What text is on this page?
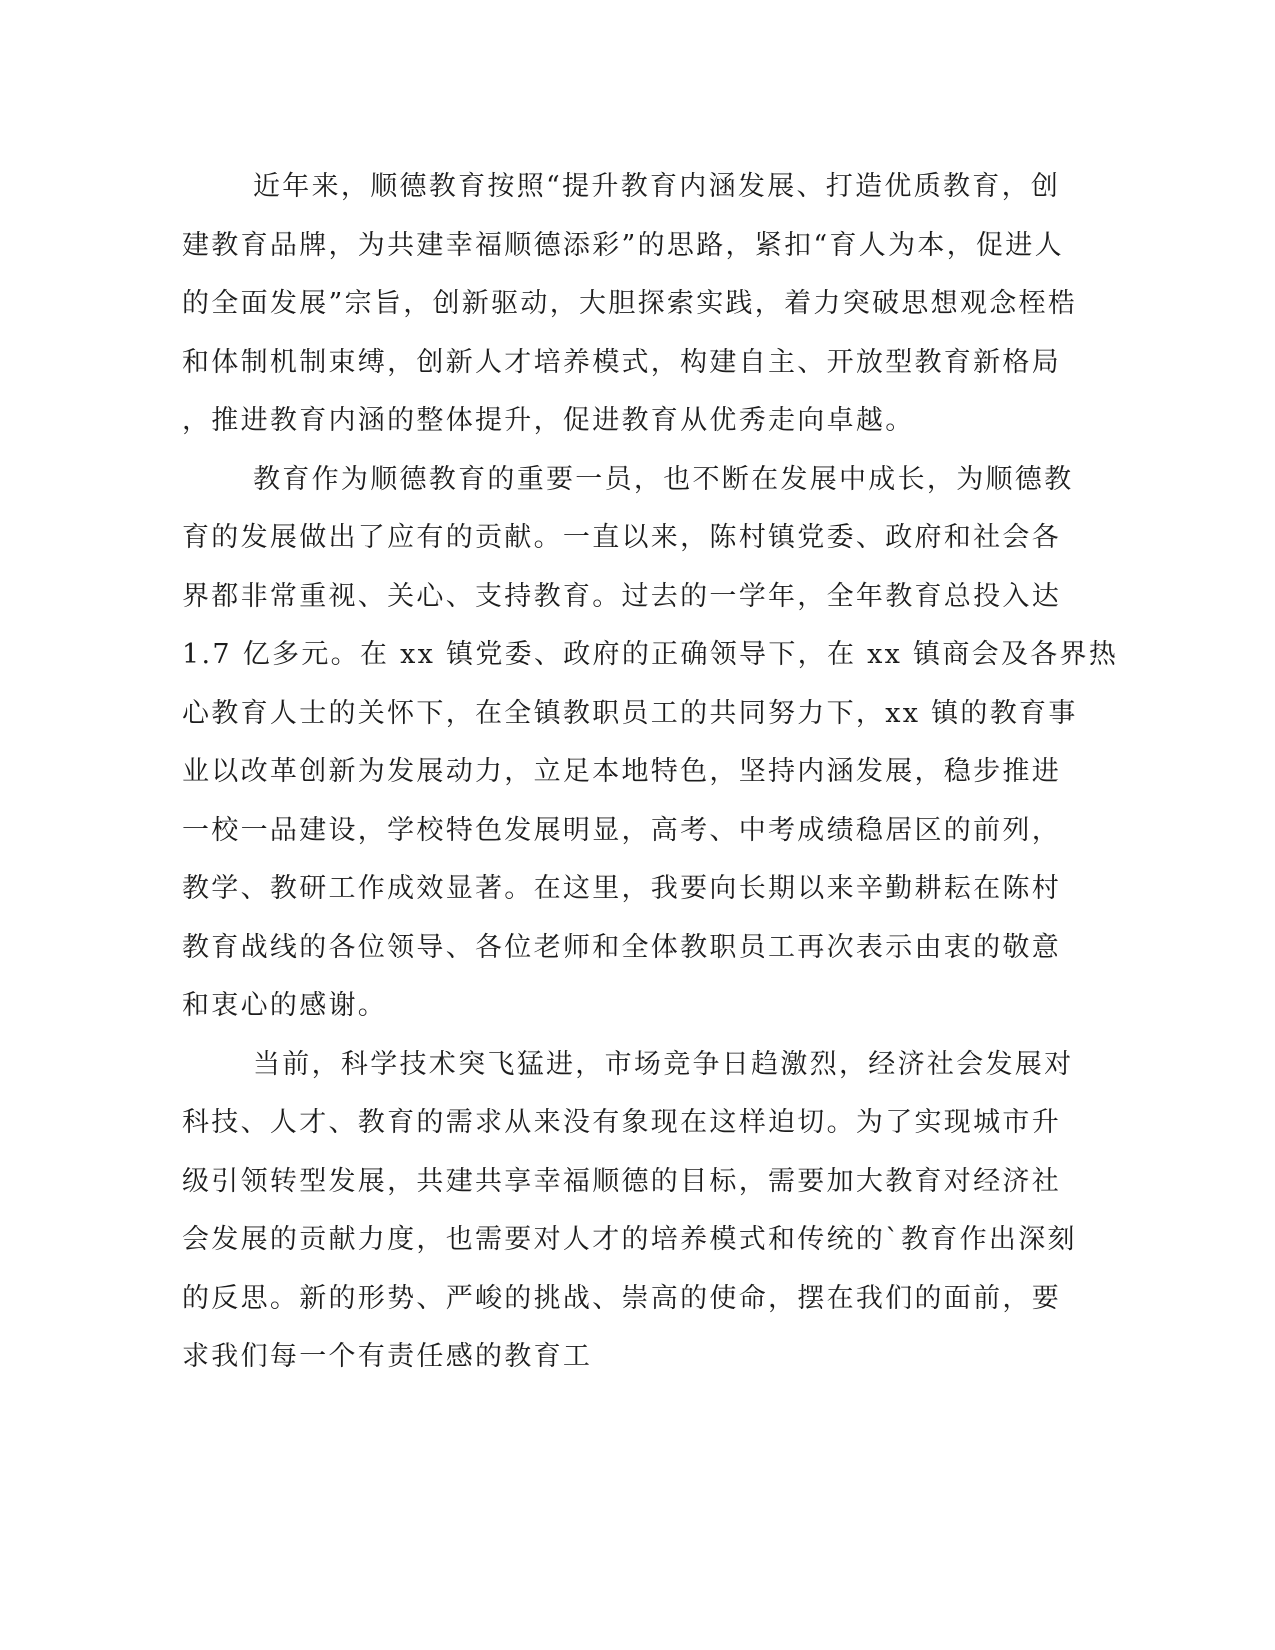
近年来，顺德教育按照“提升教育内涵发展、打造优质教育，创
建教育品牌，为共建幸福顺德添彩”的思路，紧扣“育人为本，促进人
的全面发展”宗旨，创新驱动，大胆探索实践，着力突破思想观念桎梏
和体制机制束缚，创新人才培养模式，构建自主、开放型教育新格局
，推进教育内涵的整体提升，促进教育从优秀走向卓越。
教育作为顺德教育的重要一员，也不断在发展中成长，为顺德教
育的发展做出了应有的贡献。一直以来，陈村镇党委、政府和社会各
界都非常重视、关心、支持教育。过去的一学年，全年教育总投入达
1.7 亿多元。在 xx 镇党委、政府的正确领导下，在 xx 镇商会及各界热
心教育人士的关怀下，在全镇教职员工的共同努力下，xx 镇的教育事
业以改革创新为发展动力，立足本地特色，坚持内涵发展，稳步推进
一校一品建设，学校特色发展明显，高考、中考成绩稳居区的前列，
教学、教研工作成效显著。在这里，我要向长期以来辛勤耕耘在陈村
教育战线的各位领导、各位老师和全体教职员工再次表示由衷的敬意
和衷心的感谢。
当前，科学技术突飞猛进，市场竞争日趋激烈，经济社会发展对
科技、人才、教育的需求从来没有象现在这样迫切。为了实现城市升
级引领转型发展，共建共享幸福顺德的目标，需要加大教育对经济社
会发展的贡献力度，也需要对人才的培养模式和传统的`教育作出深刻
的反思。新的形势、严峻的挑战、崇高的使命，摆在我们的面前，要
求我们每一个有责任感的教育工
